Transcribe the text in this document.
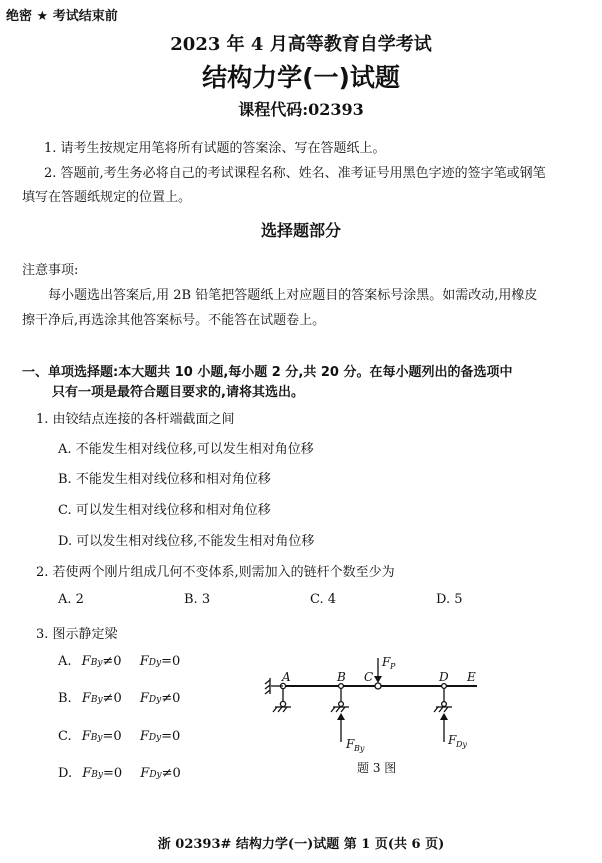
绝密 ★ 考试结束前
2023 年 4 月高等教育自学考试
结构力学(一)试题
课程代码:02393
1. 请考生按规定用笔将所有试题的答案涂、写在答题纸上。
2. 答题前,考生务必将自己的考试课程名称、姓名、准考证号用黑色字迹的签字笔或钢笔
填写在答题纸规定的位置上。
选择题部分
注意事项:
每小题选出答案后,用 2B 铅笔把答题纸上对应题目的答案标号涂黑。如需改动,用橡皮
擦干净后,再选涂其他答案标号。不能答在试题卷上。
一、单项选择题:本大题共 10 小题,每小题 2 分,共 20 分。在每小题列出的备选项中
只有一项是最符合题目要求的,请将其选出。
1. 由铰结点连接的各杆端截面之间
A. 不能发生相对线位移,可以发生相对角位移
B. 不能发生相对线位移和相对角位移
C. 可以发生相对线位移和相对角位移
D. 可以发生相对线位移,不能发生相对角位移
2. 若使两个刚片组成几何不变体系,则需加入的链杆个数至少为
A. 2	B. 3	C. 4	D. 5
3. 图示静定梁
A. FBy≠0 FDy=0
B. FBy≠0 FDy≠0
C. FBy=0 FDy=0
D. FBy=0 FDy≠0
A	B C	D E
F P
F By
F Dy
题 3 图
浙 02393# 结构力学(一)试题 第 1 页(共 6 页)
